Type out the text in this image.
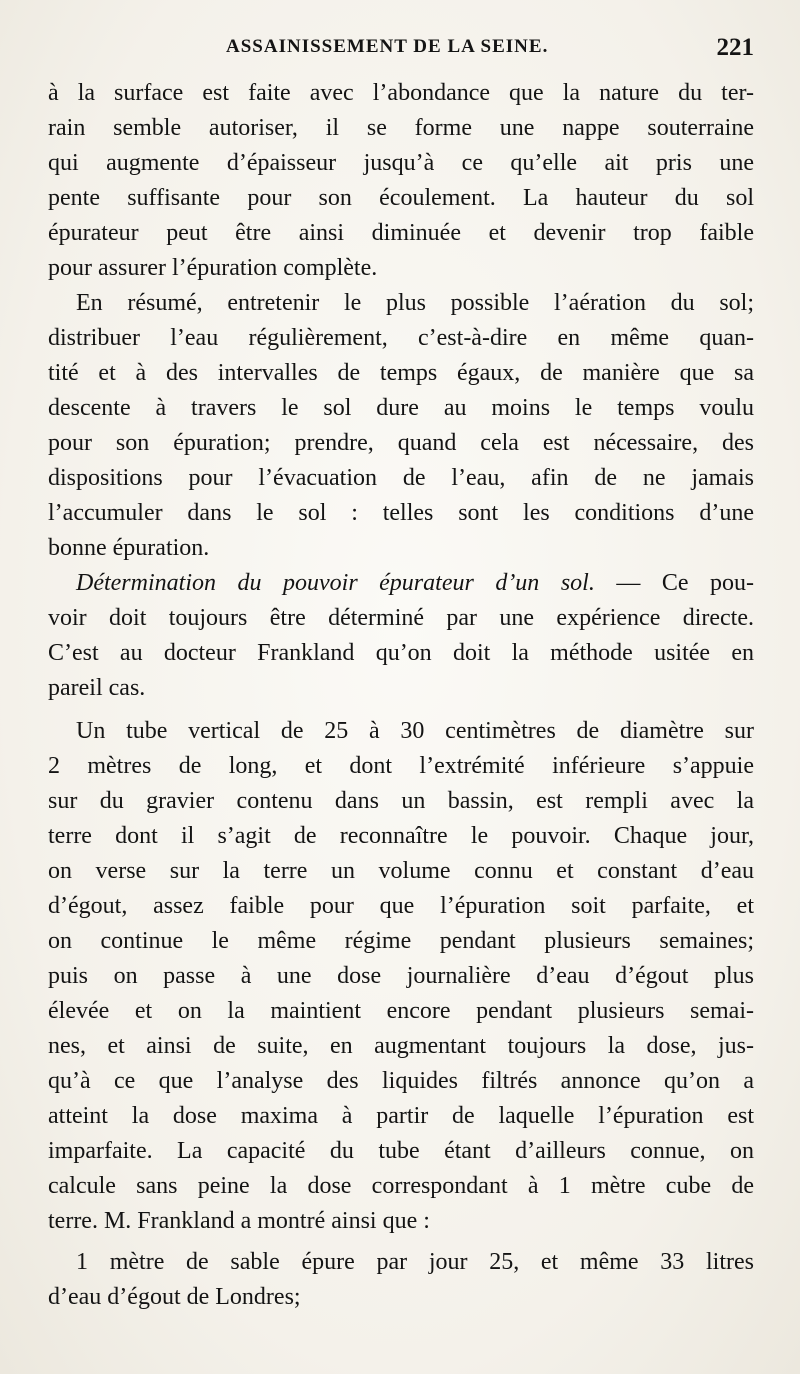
ASSAINISSEMENT DE LA SEINE.	221
à la surface est faite avec l’abondance que la nature du ter-
rain semble autoriser, il se forme une nappe souterraine
qui augmente d’épaisseur jusqu’à ce qu’elle ait pris une
pente suffisante pour son écoulement. La hauteur du sol
épurateur peut être ainsi diminuée et devenir trop faible
pour assurer l’épuration complète.
En résumé, entretenir le plus possible l’aération du sol;
distribuer l’eau régulièrement, c’est-à-dire en même quan-
tité et à des intervalles de temps égaux, de manière que sa
descente à travers le sol dure au moins le temps voulu
pour son épuration; prendre, quand cela est nécessaire, des
dispositions pour l’évacuation de l’eau, afin de ne jamais
l’accumuler dans le sol : telles sont les conditions d’une
bonne épuration.
Détermination du pouvoir épurateur d’un sol. — Ce pou-
voir doit toujours être déterminé par une expérience directe.
C’est au docteur Frankland qu’on doit la méthode usitée en
pareil cas.
Un tube vertical de 25 à 30 centimètres de diamètre sur
2 mètres de long, et dont l’extrémité inférieure s’appuie
sur du gravier contenu dans un bassin, est rempli avec la
terre dont il s’agit de reconnaître le pouvoir. Chaque jour,
on verse sur la terre un volume connu et constant d’eau
d’égout, assez faible pour que l’épuration soit parfaite, et
on continue le même régime pendant plusieurs semaines;
puis on passe à une dose journalière d’eau d’égout plus
élevée et on la maintient encore pendant plusieurs semai-
nes, et ainsi de suite, en augmentant toujours la dose, jus-
qu’à ce que l’analyse des liquides filtrés annonce qu’on a
atteint la dose maxima à partir de laquelle l’épuration est
imparfaite. La capacité du tube étant d’ailleurs connue, on
calcule sans peine la dose correspondant à 1 mètre cube de
terre. M. Frankland a montré ainsi que :
1 mètre de sable épure par jour 25, et même 33 litres
d’eau d’égout de Londres;
